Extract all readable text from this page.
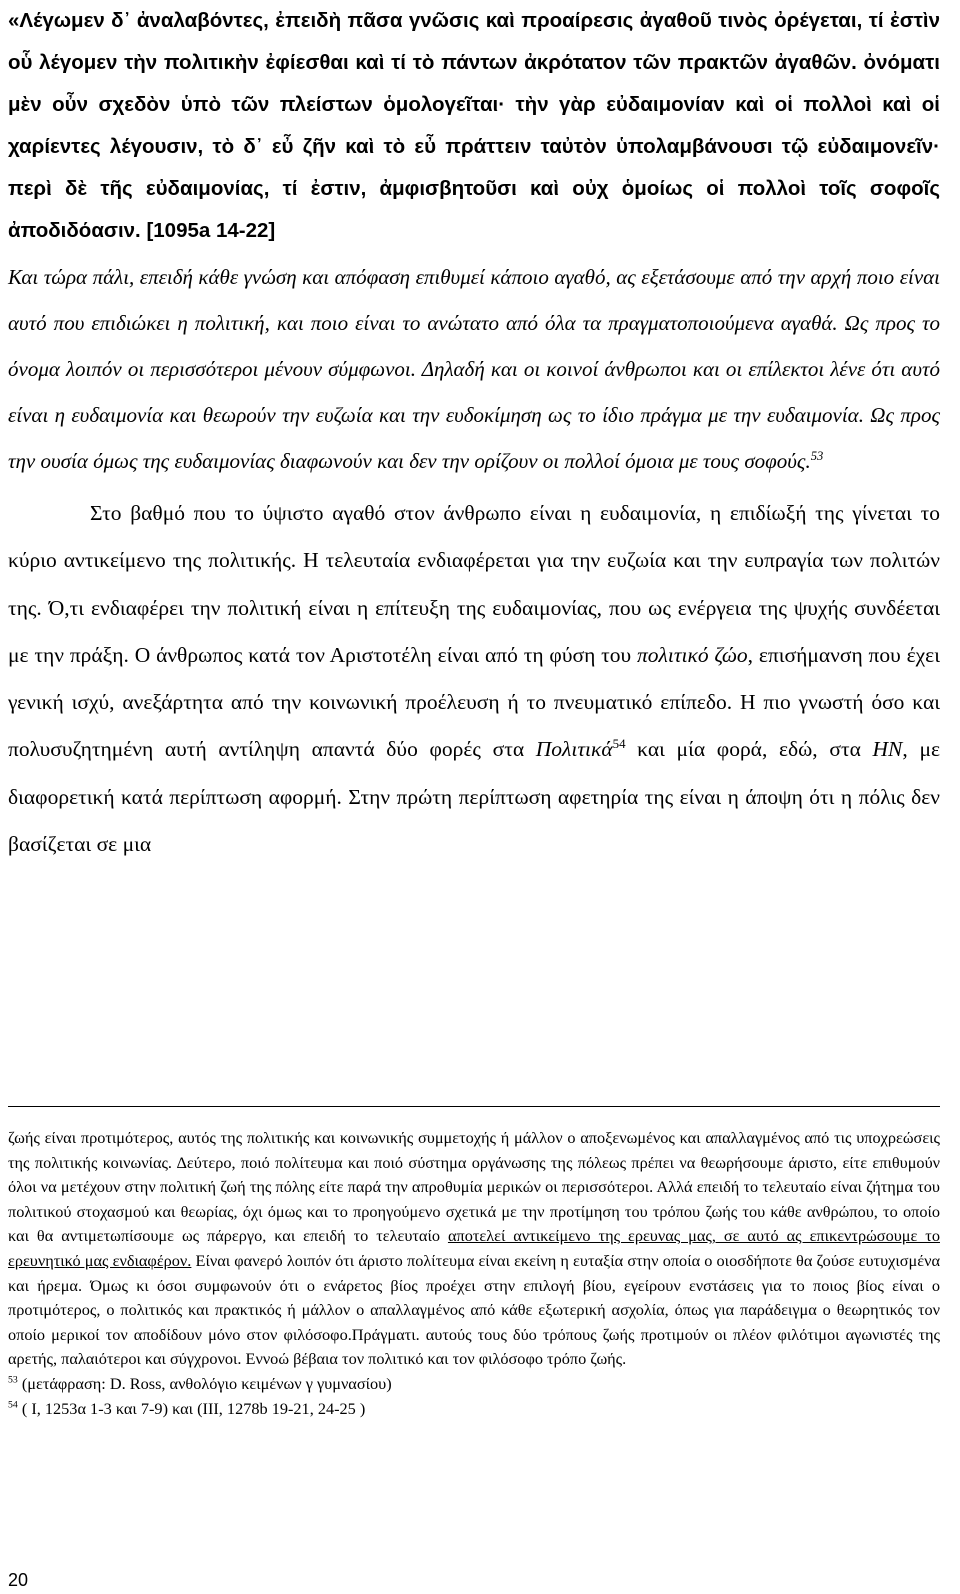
«Λέγωμεν δ᾽ ἀναλαβόντες, ἐπειδὴ πᾶσα γνῶσις καὶ προαίρεσις ἀγαθοῦ τινὸς ὀρέγεται, τί ἐστὶν οὗ λέγομεν τὴν πολιτικὴν ἐφίεσθαι καὶ τί τὸ πάντων ἀκρότατον τῶν πρακτῶν ἀγαθῶν. ὀνόματι μὲν οὖν σχεδὸν ὑπὸ τῶν πλείστων ὁμολογεῖται· τὴν γὰρ εὐδαιμονίαν καὶ οἱ πολλοὶ καὶ οἱ χαρίεντες λέγουσιν, τὸ δ᾽ εὖ ζῆν καὶ τὸ εὖ πράττειν ταὐτὸν ὑπολαμβάνουσι τῷ εὐδαιμονεῖν· περὶ δὲ τῆς εὐδαιμονίας, τί ἐστιν, ἀμφισβητοῦσι καὶ οὐχ ὁμοίως οἱ πολλοὶ τοῖς σοφοῖς ἀποδιδόασιν. [1095a 14-22]

Και τώρα πάλι, επειδή κάθε γνώση και απόφαση επιθυμεί κάποιο αγαθό, ας εξετάσουμε από την αρχή ποιο είναι αυτό που επιδιώκει η πολιτική, και ποιο είναι το ανώτατο από όλα τα πραγματοποιούμενα αγαθά. Ως προς το όνομα λοιπόν οι περισσότεροι μένουν σύμφωνοι. Δηλαδή και οι κοινοί άνθρωποι και οι επίλεκτοι λένε ότι αυτό είναι η ευδαιμονία και θεωρούν την ευζωία και την ευδοκίμηση ως το ίδιο πράγμα με την ευδαιμονία. Ως προς την ουσία όμως της ευδαιμονίας διαφωνούν και δεν την ορίζουν οι πολλοί όμοια με τους σοφούς.$^{53}$

Στο βαθμό που το ύψιστο αγαθό στον άνθρωπο είναι η ευδαιμονία, η επιδίωξή της γίνεται το κύριο αντικείμενο της πολιτικής. Η τελευταία ενδιαφέρεται για την ευζωία και την ευπραγία των πολιτών της. Ό,τι ενδιαφέρει την πολιτική είναι η επίτευξη της ευδαιμονίας, που ως ενέργεια της ψυχής συνδέεται με την πράξη. Ο άνθρωπος κατά τον Αριστοτέλη είναι από τη φύση του πολιτικό ζώο, επισήμανση που έχει γενική ισχύ, ανεξάρτητα από την κοινωνική προέλευση ή το πνευματικό επίπεδο. Η πιο γνωστή όσο και πολυσυζητημένη αυτή αντίληψη απαντά δύο φορές στα Πολιτικά$^{54}$ και μία φορά, εδώ, στα ΗΝ, με διαφορετική κατά περίπτωση αφορμή. Στην πρώτη περίπτωση αφετηρία της είναι η άποψη ότι η πόλις δεν βασίζεται σε μια

ζωής είναι προτιμότερος, αυτός της πολιτικής και κοινωνικής συμμετοχής ή μάλλον ο αποξενωμένος και απαλλαγμένος από τις υποχρεώσεις της πολιτικής κοινωνίας. Δεύτερο, ποιό πολίτευμα και ποιό σύστημα οργάνωσης της πόλεως πρέπει να θεωρήσουμε άριστο, είτε επιθυμούν όλοι να μετέχουν στην πολιτική ζωή της πόλης είτε παρά την απροθυμία μερικών οι περισσότεροι. Αλλά επειδή το τελευταίο είναι ζήτημα του πολιτικού στοχασμού και θεωρίας, όχι όμως και το προηγούμενο σχετικά με την προτίμηση του τρόπου ζωής του κάθε ανθρώπου, το οποίο και θα αντιμετωπίσουμε ως πάρεργο, και επειδή το τελευταίο αποτελεί αντικείμενο της ερευνας μας, σε αυτό ας επικεντρώσουμε το ερευνητικό μας ενδιαφέρον. Είναι φανερό λοιπόν ότι άριστο πολίτευμα είναι εκείνη η ευταξία στην οποία ο οιοσδήποτε θα ζούσε ευτυχισμένα και ήρεμα. Όμως κι όσοι συμφωνούν ότι ο ενάρετος βίος προέχει στην επιλογή βίου, εγείρουν ενστάσεις για το ποιος βίος είναι ο προτιμότερος, ο πολιτικός και πρακτικός ή μάλλον ο απαλλαγμένος από κάθε εξωτερική ασχολία, όπως για παράδειγμα ο θεωρητικός τον οποίο μερικοί τον αποδίδουν μόνο στον φιλόσοφο.Πράγματι. αυτούς τους δύο τρόπους ζωής προτιμούν οι πλέον φιλότιμοι αγωνιστές της αρετής, παλαιότεροι και σύγχρονοι. Εννοώ βέβαια τον πολιτικό και τον φιλόσοφο τρόπο ζωής.

$^{53}$ (μετάφραση: D. Ross, ανθολόγιο κειμένων γ γυμνασίου)

$^{54}$ ( Ι, 1253α 1-3 και 7-9) και (ΙΙΙ, 1278b 19-21, 24-25 )

20
